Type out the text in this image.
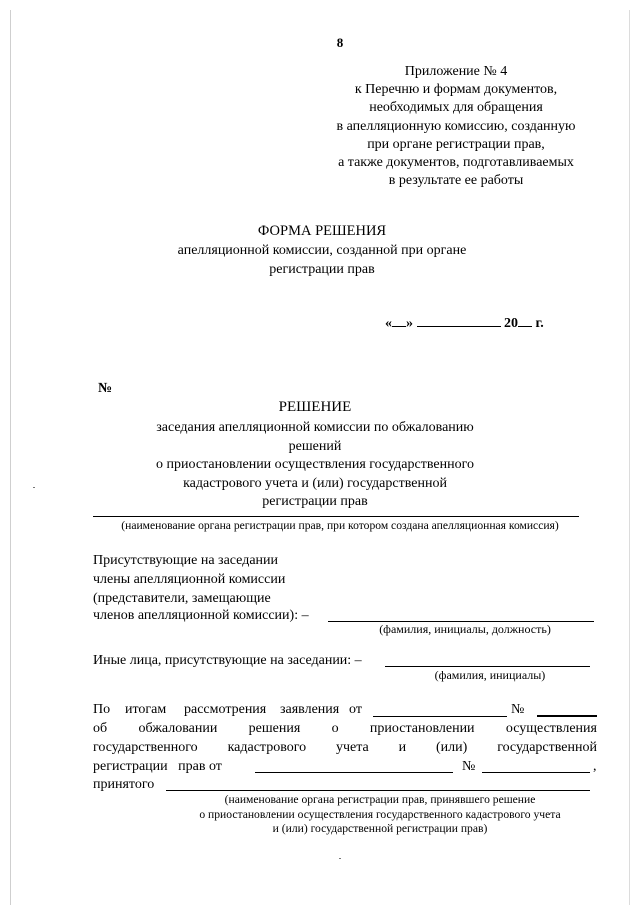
8
Приложение № 4
к Перечню и формам документов,
необходимых для обращения
в апелляционную комиссию, созданную
при органе регистрации прав,
а также документов, подготавливаемых
в результате ее работы
ФОРМА РЕШЕНИЯ
апелляционной комиссии, созданной при органе
регистрации прав
« »	20 г.
№
РЕШЕНИЕ
заседания апелляционной комиссии по обжалованию решений
о приостановлении осуществления государственного
кадастрового учета и (или) государственной
регистрации прав
(наименование органа регистрации прав, при котором создана апелляционная комиссия)
Присутствующие на заседании
члены апелляционной комиссии
(представители, замещающие
членов апелляционной комиссии): –
(фамилия, инициалы, должность)
Иные лица, присутствующие на заседании: –
(фамилия, инициалы)
По итогам рассмотрения заявления от	№
об обжаловании решения о приостановлении осуществления
государственного кадастрового учета и (или) государственной
регистрации   прав от	№	,
принятого
(наименование органа регистрации прав, принявшего решение
о приостановлении осуществления государственного кадастрового учета
и (или) государственной регистрации прав)
